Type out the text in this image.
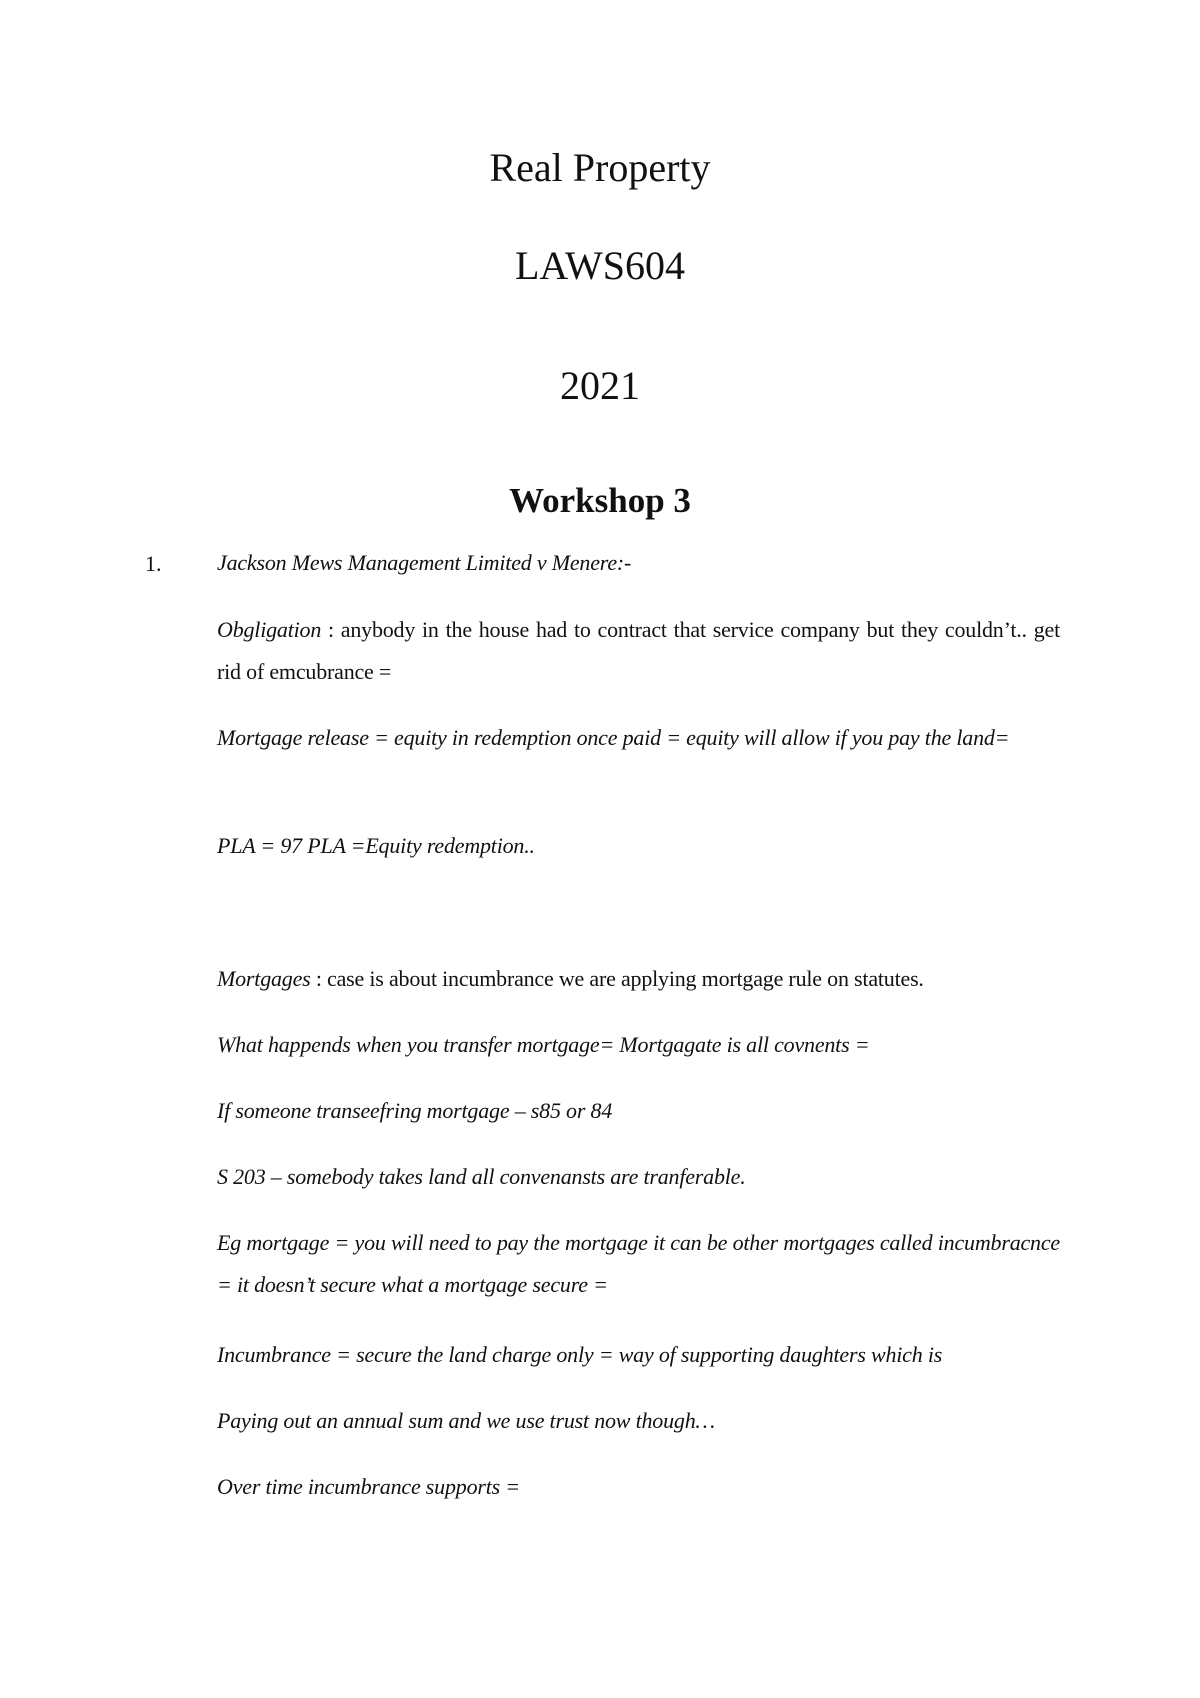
Real Property
LAWS604
2021
Workshop 3
1.	Jackson Mews Management Limited v Menere:-
Obgligation : anybody in the house had to contract that service company but they couldn’t.. get rid of emcubrance =
Mortgage release = equity in redemption once paid = equity will allow if you pay the land=
PLA = 97 PLA =Equity redemption..
Mortgages : case is about incumbrance we are applying mortgage rule on statutes.
What happends when you transfer mortgage= Mortgagate is all covnents =
If someone transeefring mortgage – s85 or 84
S 203 – somebody takes land all convenansts are tranferable.
Eg mortgage = you will need to pay the mortgage it can be other mortgages called incumbracnce = it doesn’t secure what a mortgage secure =
Incumbrance = secure the land charge only = way of supporting daughters which is
Paying out an annual sum and we use trust now though…
Over time incumbrance supports =
